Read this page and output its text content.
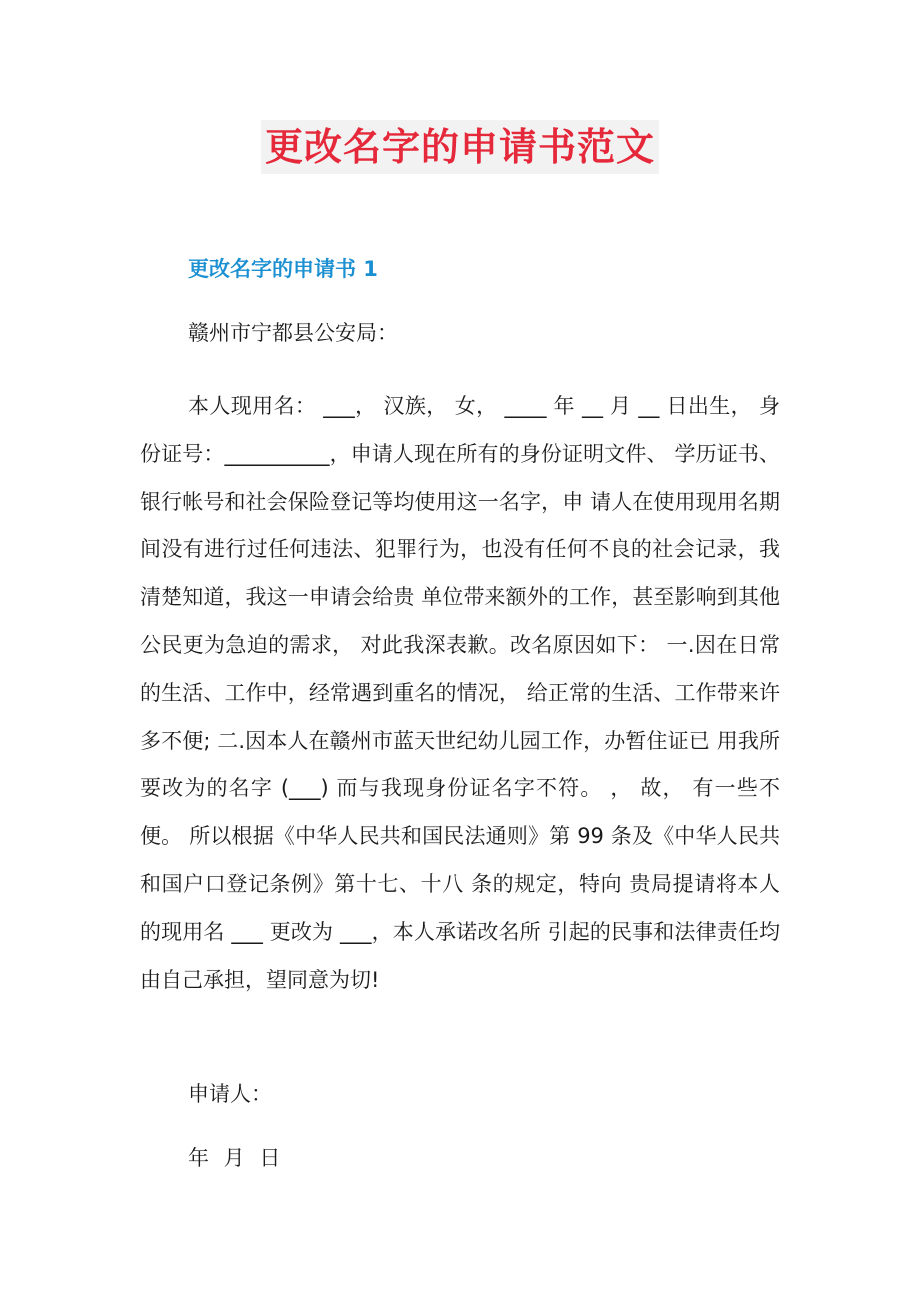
更改名字的申请书范文
更改名字的申请书 1
赣州市宁都县公安局：
本人现用名： ___， 汉族， 女， ____ 年 __ 月 __ 日出生， 身份证号：__________，申请人现在所有的身份证明文件、 学历证书、银行帐号和社会保险登记等均使用这一名字，申 请人在使用现用名期间没有进行过任何违法、犯罪行为，也没有任何不良的社会记录，我清楚知道，我这一申请会给贵 单位带来额外的工作，甚至影响到其他公民更为急迫的需求， 对此我深表歉。改名原因如下： 一.因在日常的生活、工作中，经常遇到重名的情况， 给正常的生活、工作带来许多不便; 二.因本人在赣州市蓝天世纪幼儿园工作，办暂住证已 用我所要改为的名字 (___) 而与我现身份证名字不符。 ， 故， 有一些不便。 所以根据《中华人民共和国民法通则》第 99 条及《中华人民共和国户口登记条例》第十七、十八 条的规定，特向 贵局提请将本人的现用名 ___ 更改为 ___，本人承诺改名所 引起的民事和法律责任均由自己承担，望同意为切!
申请人：
年 月 日
